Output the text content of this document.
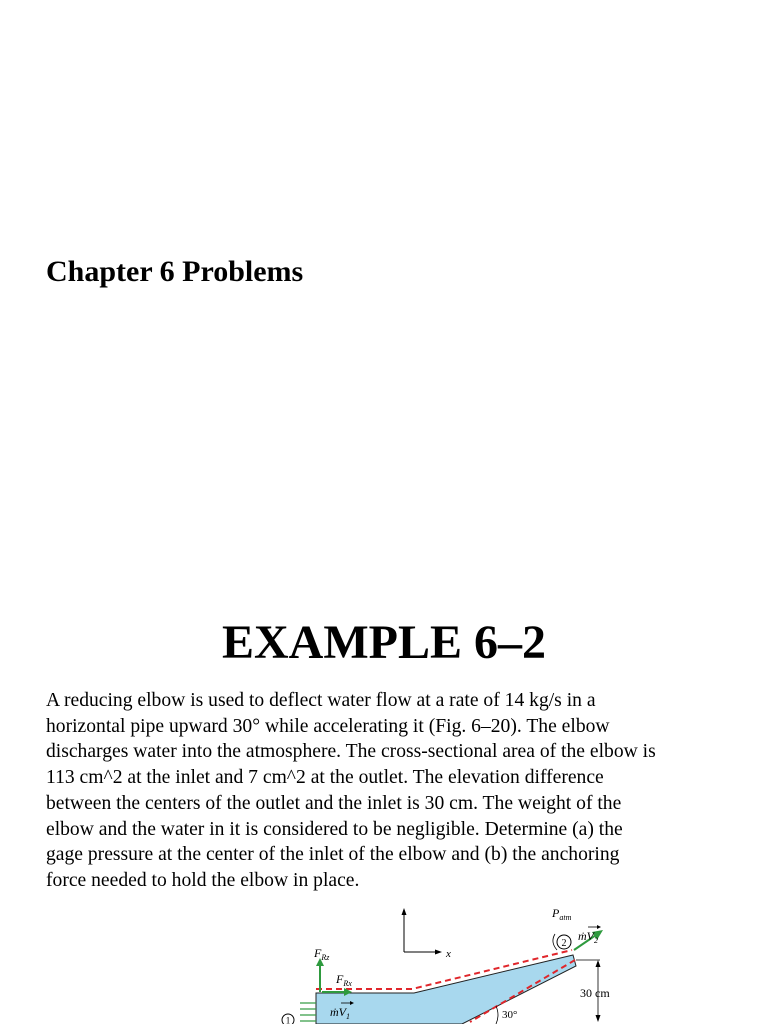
Chapter 6 Problems
EXAMPLE 6–2
A reducing elbow is used to deflect water flow at a rate of 14 kg/s in a
horizontal pipe upward 30° while accelerating it (Fig. 6–20). The elbow
discharges water into the atmosphere. The cross-sectional area of the elbow is
113 cm^2 at the inlet and 7 cm^2 at the outlet. The elevation difference
between the centers of the outlet and the inlet is 30 cm. The weight of the
elbow and the water in it is considered to be negligible. Determine (a) the
gage pressure at the center of the inlet of the elbow and (b) the anchoring
force needed to hold the elbow in place.
x
1
$F_{Rz}$
$F_{Rx}$
ṁV$_1$
2
$P_{atm}$
ṁV$_2$
30 cm
30°
